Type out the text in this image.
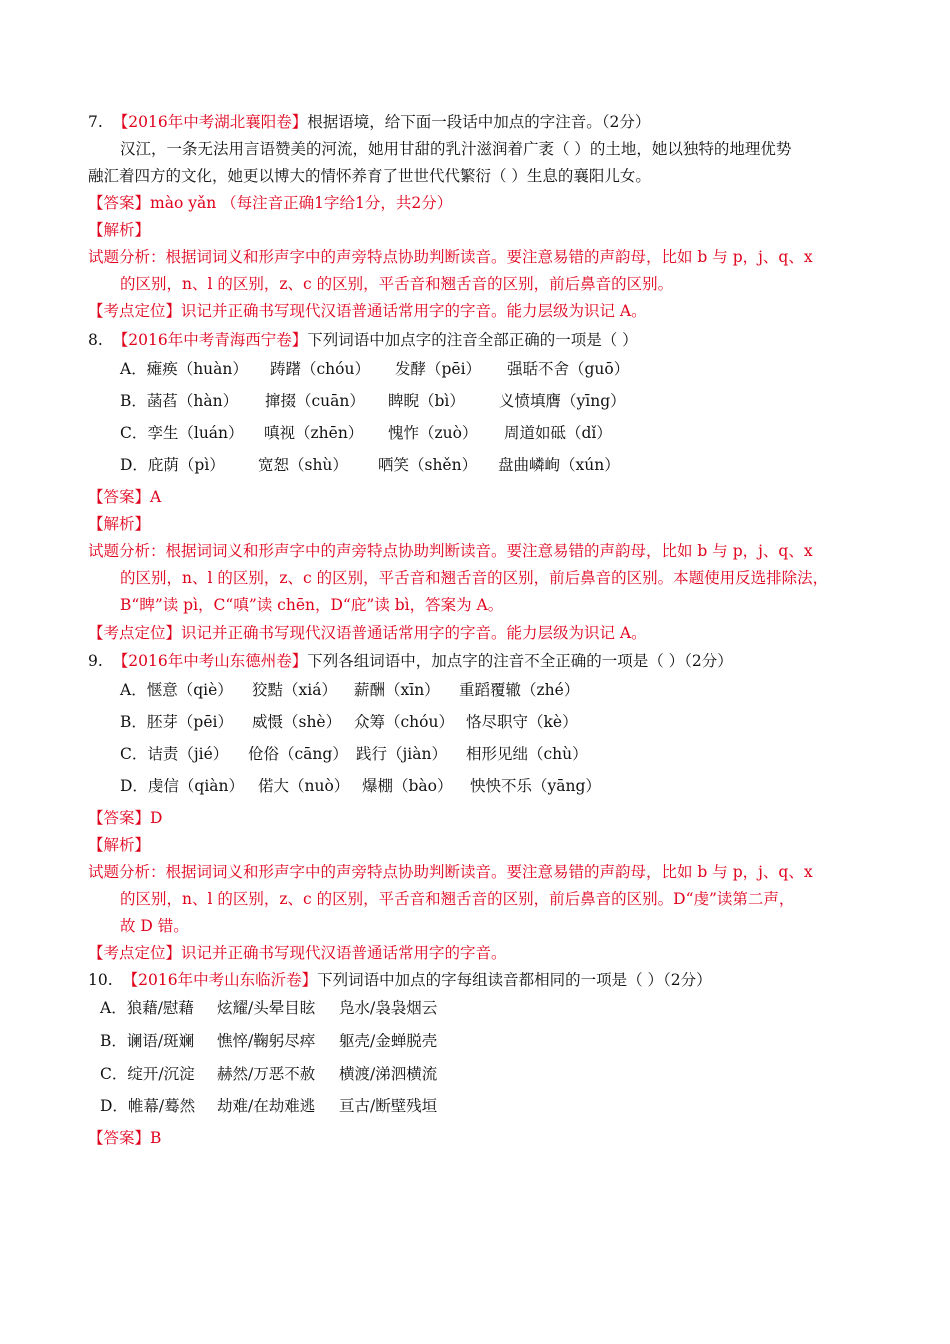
7. 【2016年中考湖北襄阳卷】根据语境，给下面一段话中加点的字注音。（2分）
汉江，一条无法用言语赞美的河流，她用甘甜的乳汁滋润着广袤（ ）的土地，她以独特的地理优势
融汇着四方的文化，她更以博大的情怀养育了世世代代繁衍（ ）生息的襄阳儿女。
【答案】mào yǎn （每注音正确1字给1分，共2分）
【解析】
试题分析：根据词词义和形声字中的声旁特点协助判断读音。要注意易错的声韵母，比如 b 与 p，j、q、x
的区别，n、l 的区别，z、c 的区别，平舌音和翘舌音的区别，前后鼻音的区别。
【考点定位】识记并正确书写现代汉语普通话常用字的字音。能力层级为识记 A。
8. 【2016年中考青海西宁卷】下列词语中加点字的注音全部正确的一项是（ ）
A．瘫痪（huàn） 踌躇（chóu） 发酵（pēi） 强聒不舍（guō）
B．菡萏（hàn） 撺掇（cuān） 睥睨（bì） 义愤填膺（yīng）
C．孪生（luán） 嗔视（zhēn） 愧怍（zuò） 周道如砥（dǐ）
D．庇荫（pì） 宽恕（shù） 哂笑（shěn） 盘曲嶙峋（xún）
【答案】A
【解析】
试题分析：根据词词义和形声字中的声旁特点协助判断读音。要注意易错的声韵母，比如 b 与 p，j、q、x
的区别，n、l 的区别，z、c 的区别，平舌音和翘舌音的区别，前后鼻音的区别。本题使用反选排除法，
B“睥”读 pì，C“嗔”读 chēn，D“庇”读 bì，答案为 A。
【考点定位】识记并正确书写现代汉语普通话常用字的字音。能力层级为识记 A。
9. 【2016年中考山东德州卷】下列各组词语中，加点字的注音不全正确的一项是（ ）（2分）
A．惬意（qiè） 狡黠（xiá） 薪酬（xīn） 重蹈覆辙（zhé）
B．胚芽（pēi） 威慑（shè） 众筹（chóu） 恪尽职守（kè）
C．诘责（jié） 伧俗（cāng） 践行（jiàn） 相形见绌（chù）
D．虔信（qiàn） 偌大（nuò） 爆棚（bào） 怏怏不乐（yāng）
【答案】D
【解析】
试题分析：根据词词义和形声字中的声旁特点协助判断读音。要注意易错的声韵母，比如 b 与 p，j、q、x
的区别，n、l 的区别，z、c 的区别，平舌音和翘舌音的区别，前后鼻音的区别。D“虔”读第二声，
故 D 错。
【考点定位】识记并正确书写现代汉语普通话常用字的字音。
10. 【2016年中考山东临沂卷】下列词语中加点的字每组读音都相同的一项是（ ）（2分）
A．狼藉/慰藉 炫耀/头晕目眩 凫水/袅袅烟云
B．谰语/斑斓 憔悴/鞠躬尽瘁 躯壳/金蝉脱壳
C．绽开/沉淀 赫然/万恶不赦 横渡/涕泗横流
D．帷幕/蓦然 劫难/在劫难逃 亘古/断壁残垣
【答案】B
